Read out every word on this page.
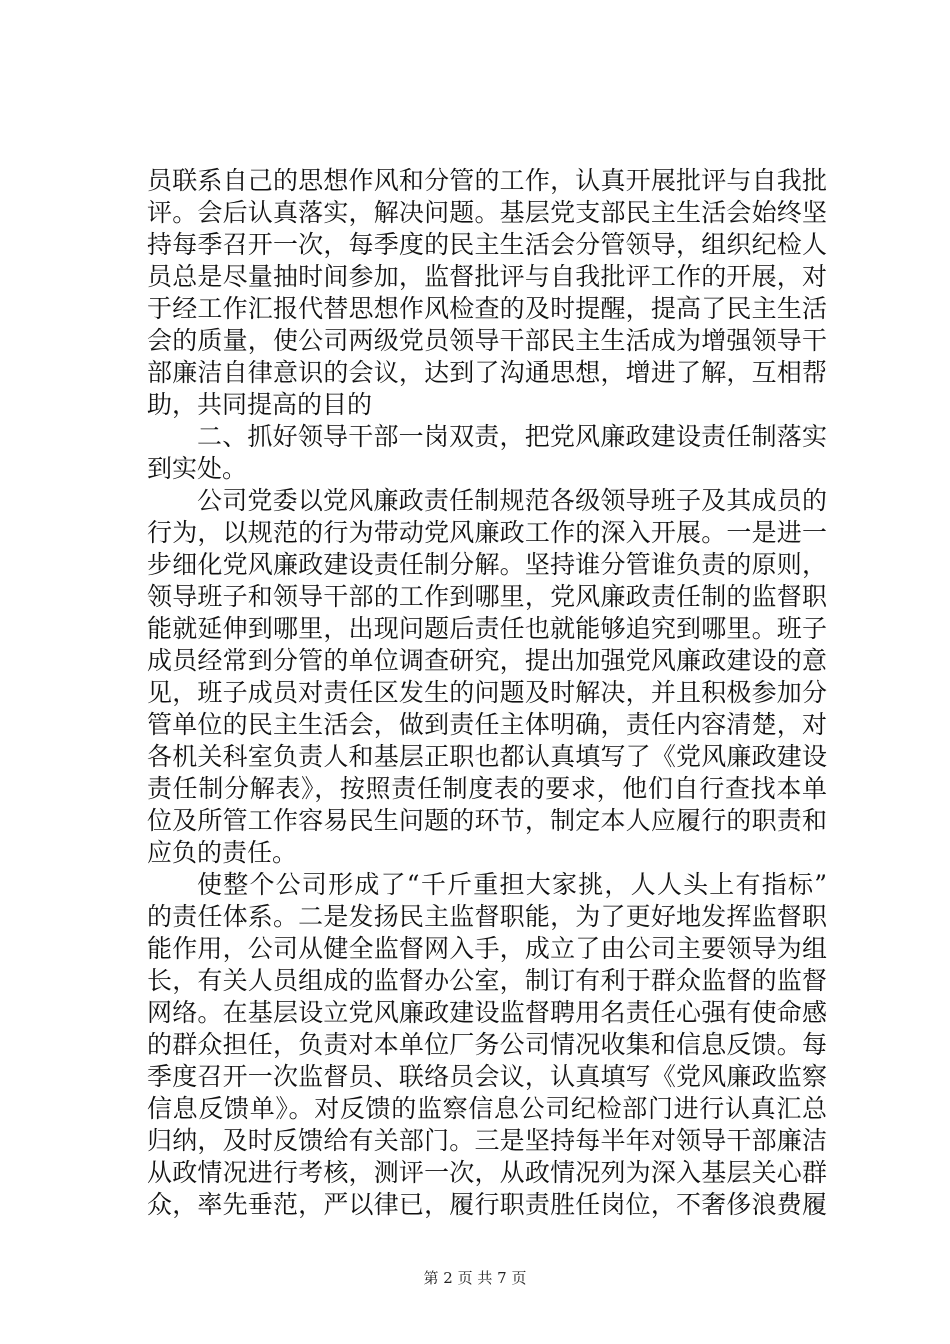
员联系自己的思想作风和分管的工作，认真开展批评与自我批
评。会后认真落实，解决问题。基层党支部民主生活会始终坚
持每季召开一次，每季度的民主生活会分管领导，组织纪检人
员总是尽量抽时间参加，监督批评与自我批评工作的开展，对
于经工作汇报代替思想作风检查的及时提醒，提高了民主生活
会的质量，使公司两级党员领导干部民主生活成为增强领导干
部廉洁自律意识的会议，达到了沟通思想，增进了解，互相帮
助，共同提高的目的
二、抓好领导干部一岗双责，把党风廉政建设责任制落实
到实处。
公司党委以党风廉政责任制规范各级领导班子及其成员的
行为，以规范的行为带动党风廉政工作的深入开展。一是进一
步细化党风廉政建设责任制分解。坚持谁分管谁负责的原则，
领导班子和领导干部的工作到哪里，党风廉政责任制的监督职
能就延伸到哪里，出现问题后责任也就能够追究到哪里。班子
成员经常到分管的单位调查研究，提出加强党风廉政建设的意
见，班子成员对责任区发生的问题及时解决，并且积极参加分
管单位的民主生活会，做到责任主体明确，责任内容清楚，对
各机关科室负责人和基层正职也都认真填写了《党风廉政建设
责任制分解表》，按照责任制度表的要求，他们自行查找本单
位及所管工作容易民生问题的环节，制定本人应履行的职责和
应负的责任。
使整个公司形成了“千斤重担大家挑，人人头上有指标”
的责任体系。二是发扬民主监督职能，为了更好地发挥监督职
能作用，公司从健全监督网入手，成立了由公司主要领导为组
长，有关人员组成的监督办公室，制订有利于群众监督的监督
网络。在基层设立党风廉政建设监督聘用名责任心强有使命感
的群众担任，负责对本单位厂务公司情况收集和信息反馈。每
季度召开一次监督员、联络员会议，认真填写《党风廉政监察
信息反馈单》。对反馈的监察信息公司纪检部门进行认真汇总
归纳，及时反馈给有关部门。三是坚持每半年对领导干部廉洁
从政情况进行考核，测评一次，从政情况列为深入基层关心群
众，率先垂范，严以律已，履行职责胜任岗位，不奢侈浪费履
第 2 页 共 7 页
